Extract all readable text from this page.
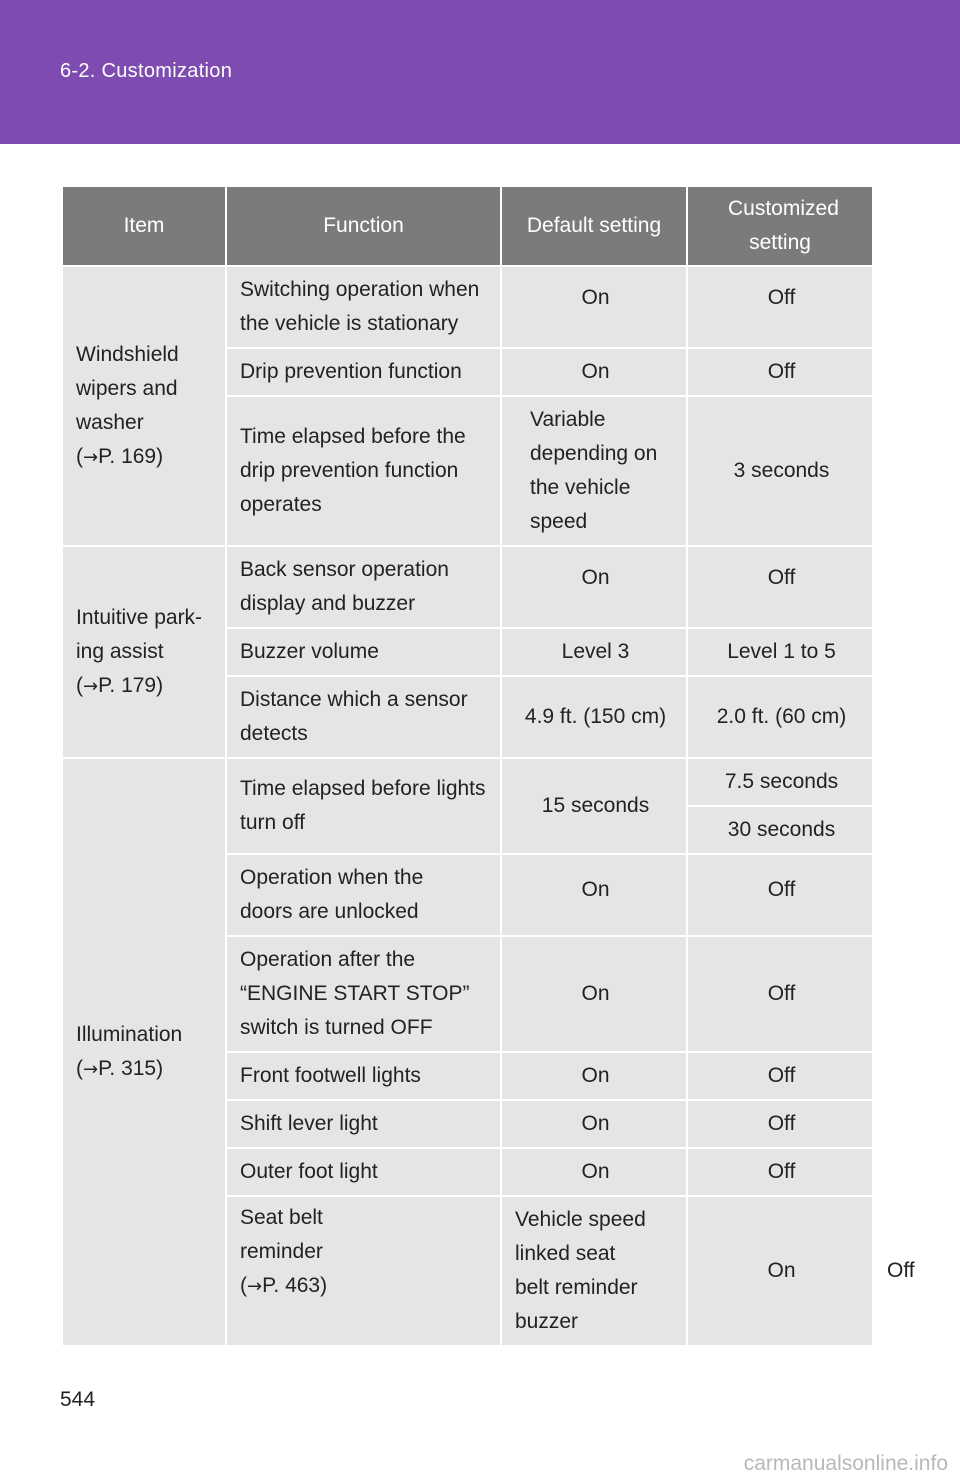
6-2. Customization
Item	Function	Default setting	Customized setting	

Windshield
wipers and
washer
(→P. 169)	Switching operation when
the vehicle is stationary	On	Off	
	Drip prevention function	On	Off	

	Time elapsed before the
drip prevention function
operates	Variable
depending on
the vehicle
speed	3 seconds	

Intuitive park-
ing assist
(→P. 179)	Back sensor operation
display and buzzer	On	Off	
	Buzzer volume	Level 3	Level 1 to 5	

	Distance which a sensor
detects	4.9 ft. (150 cm)	2.0 ft. (60 cm)	

Illumination
(→P. 315)	Time elapsed before lights
turn off	15 seconds	7.5 seconds	
			30 seconds	

	Operation when the
doors are unlocked	On	Off	

	Operation after the
“ENGINE START STOP”
switch is turned OFF	On	Off	
	Front footwell lights	On	Off	
	Shift lever light	On	Off	
	Outer foot light	On	Off	

	Seat belt
reminder
(→P. 463)	Vehicle speed linked seat
belt reminder buzzer	On	Off
544
carmanualsonline.info
